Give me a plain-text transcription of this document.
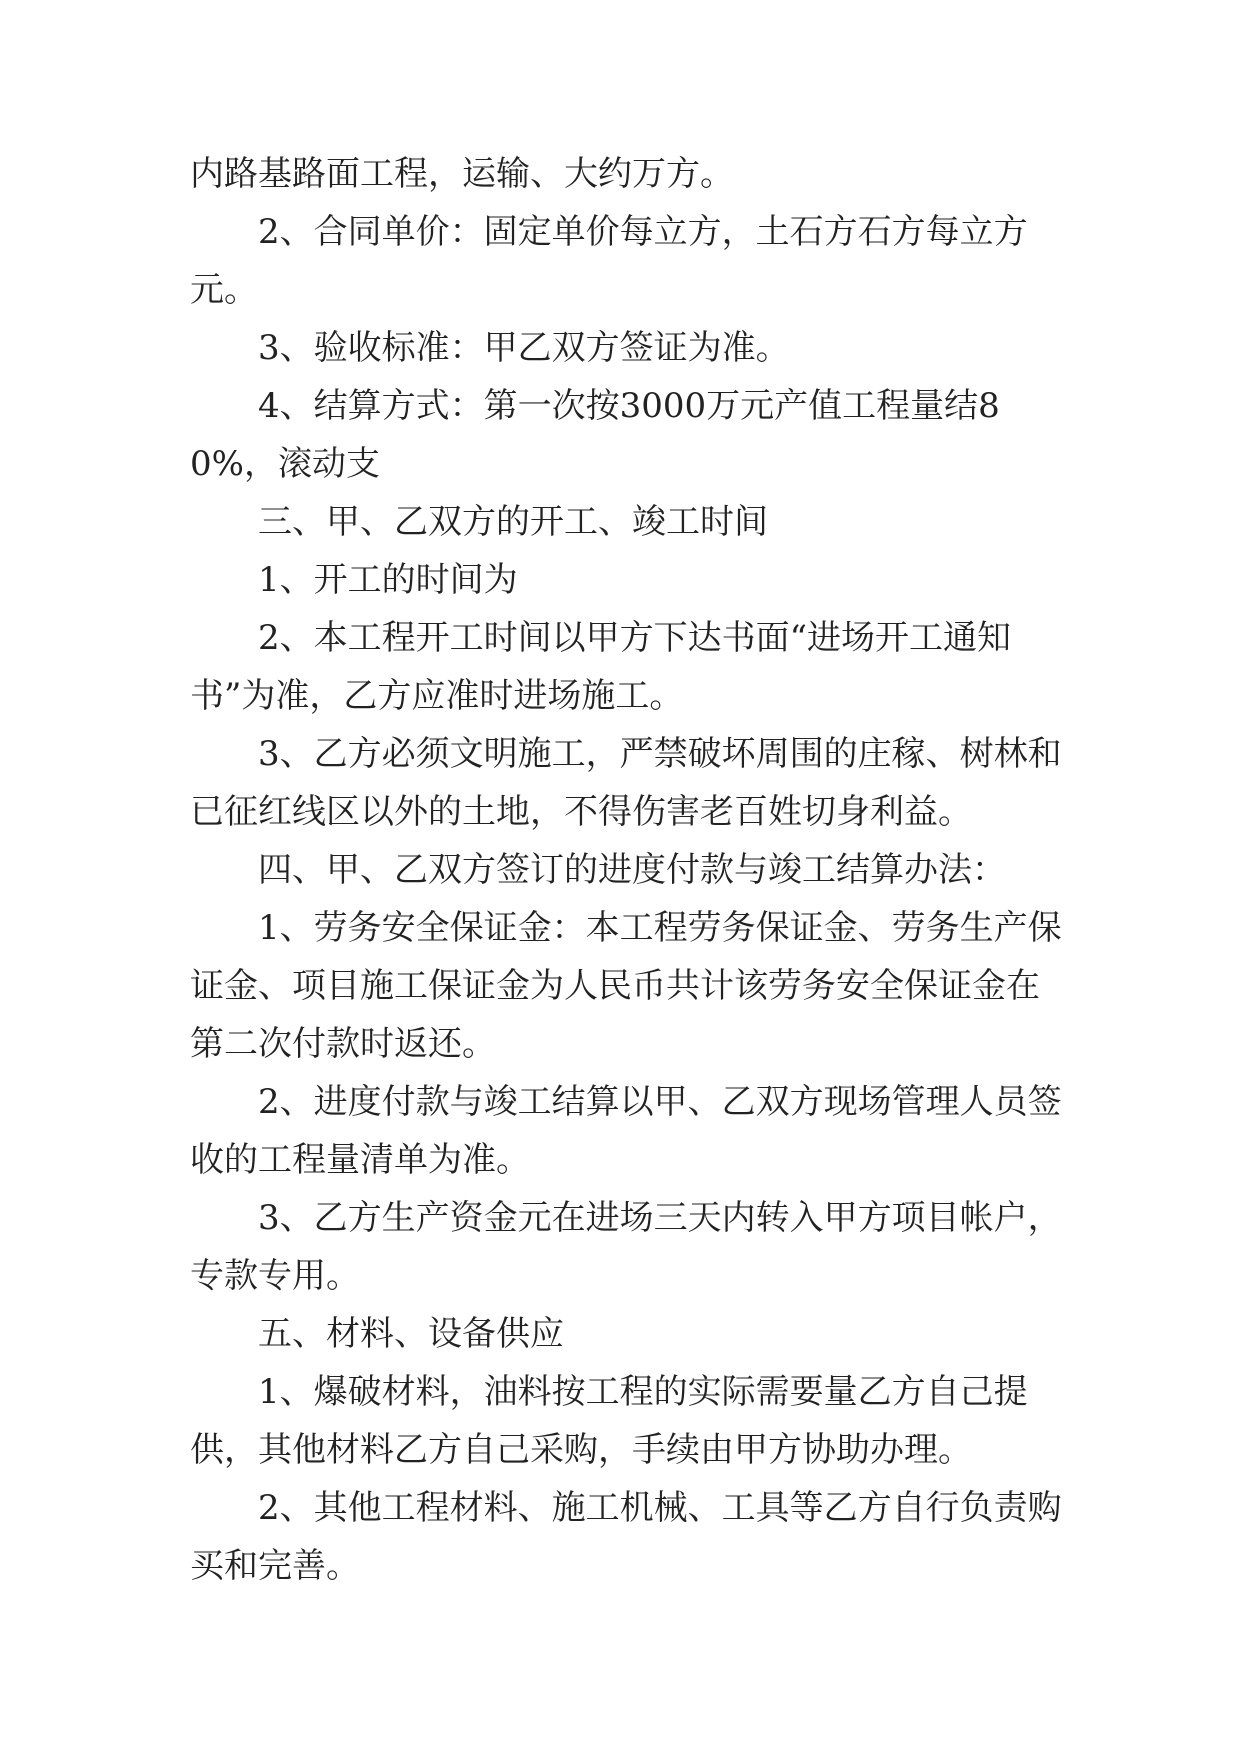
内路基路面工程，运输、大约万方。

2、合同单价：固定单价每立方，土石方石方每立方元。

3、验收标准：甲乙双方签证为准。

4、结算方式：第一次按3000万元产值工程量结80%，滚动支

三、甲、乙双方的开工、竣工时间

1、开工的时间为

2、本工程开工时间以甲方下达书面“进场开工通知书”为准，乙方应准时进场施工。

3、乙方必须文明施工，严禁破坏周围的庄稼、树林和已征红线区以外的土地，不得伤害老百姓切身利益。

四、甲、乙双方签订的进度付款与竣工结算办法：

1、劳务安全保证金：本工程劳务保证金、劳务生产保证金、项目施工保证金为人民币共计该劳务安全保证金在第二次付款时返还。

2、进度付款与竣工结算以甲、乙双方现场管理人员签收的工程量清单为准。

3、乙方生产资金元在进场三天内转入甲方项目帐户，专款专用。

五、材料、设备供应

1、爆破材料，油料按工程的实际需要量乙方自己提供，其他材料乙方自己采购，手续由甲方协助办理。

2、其他工程材料、施工机械、工具等乙方自行负责购买和完善。
